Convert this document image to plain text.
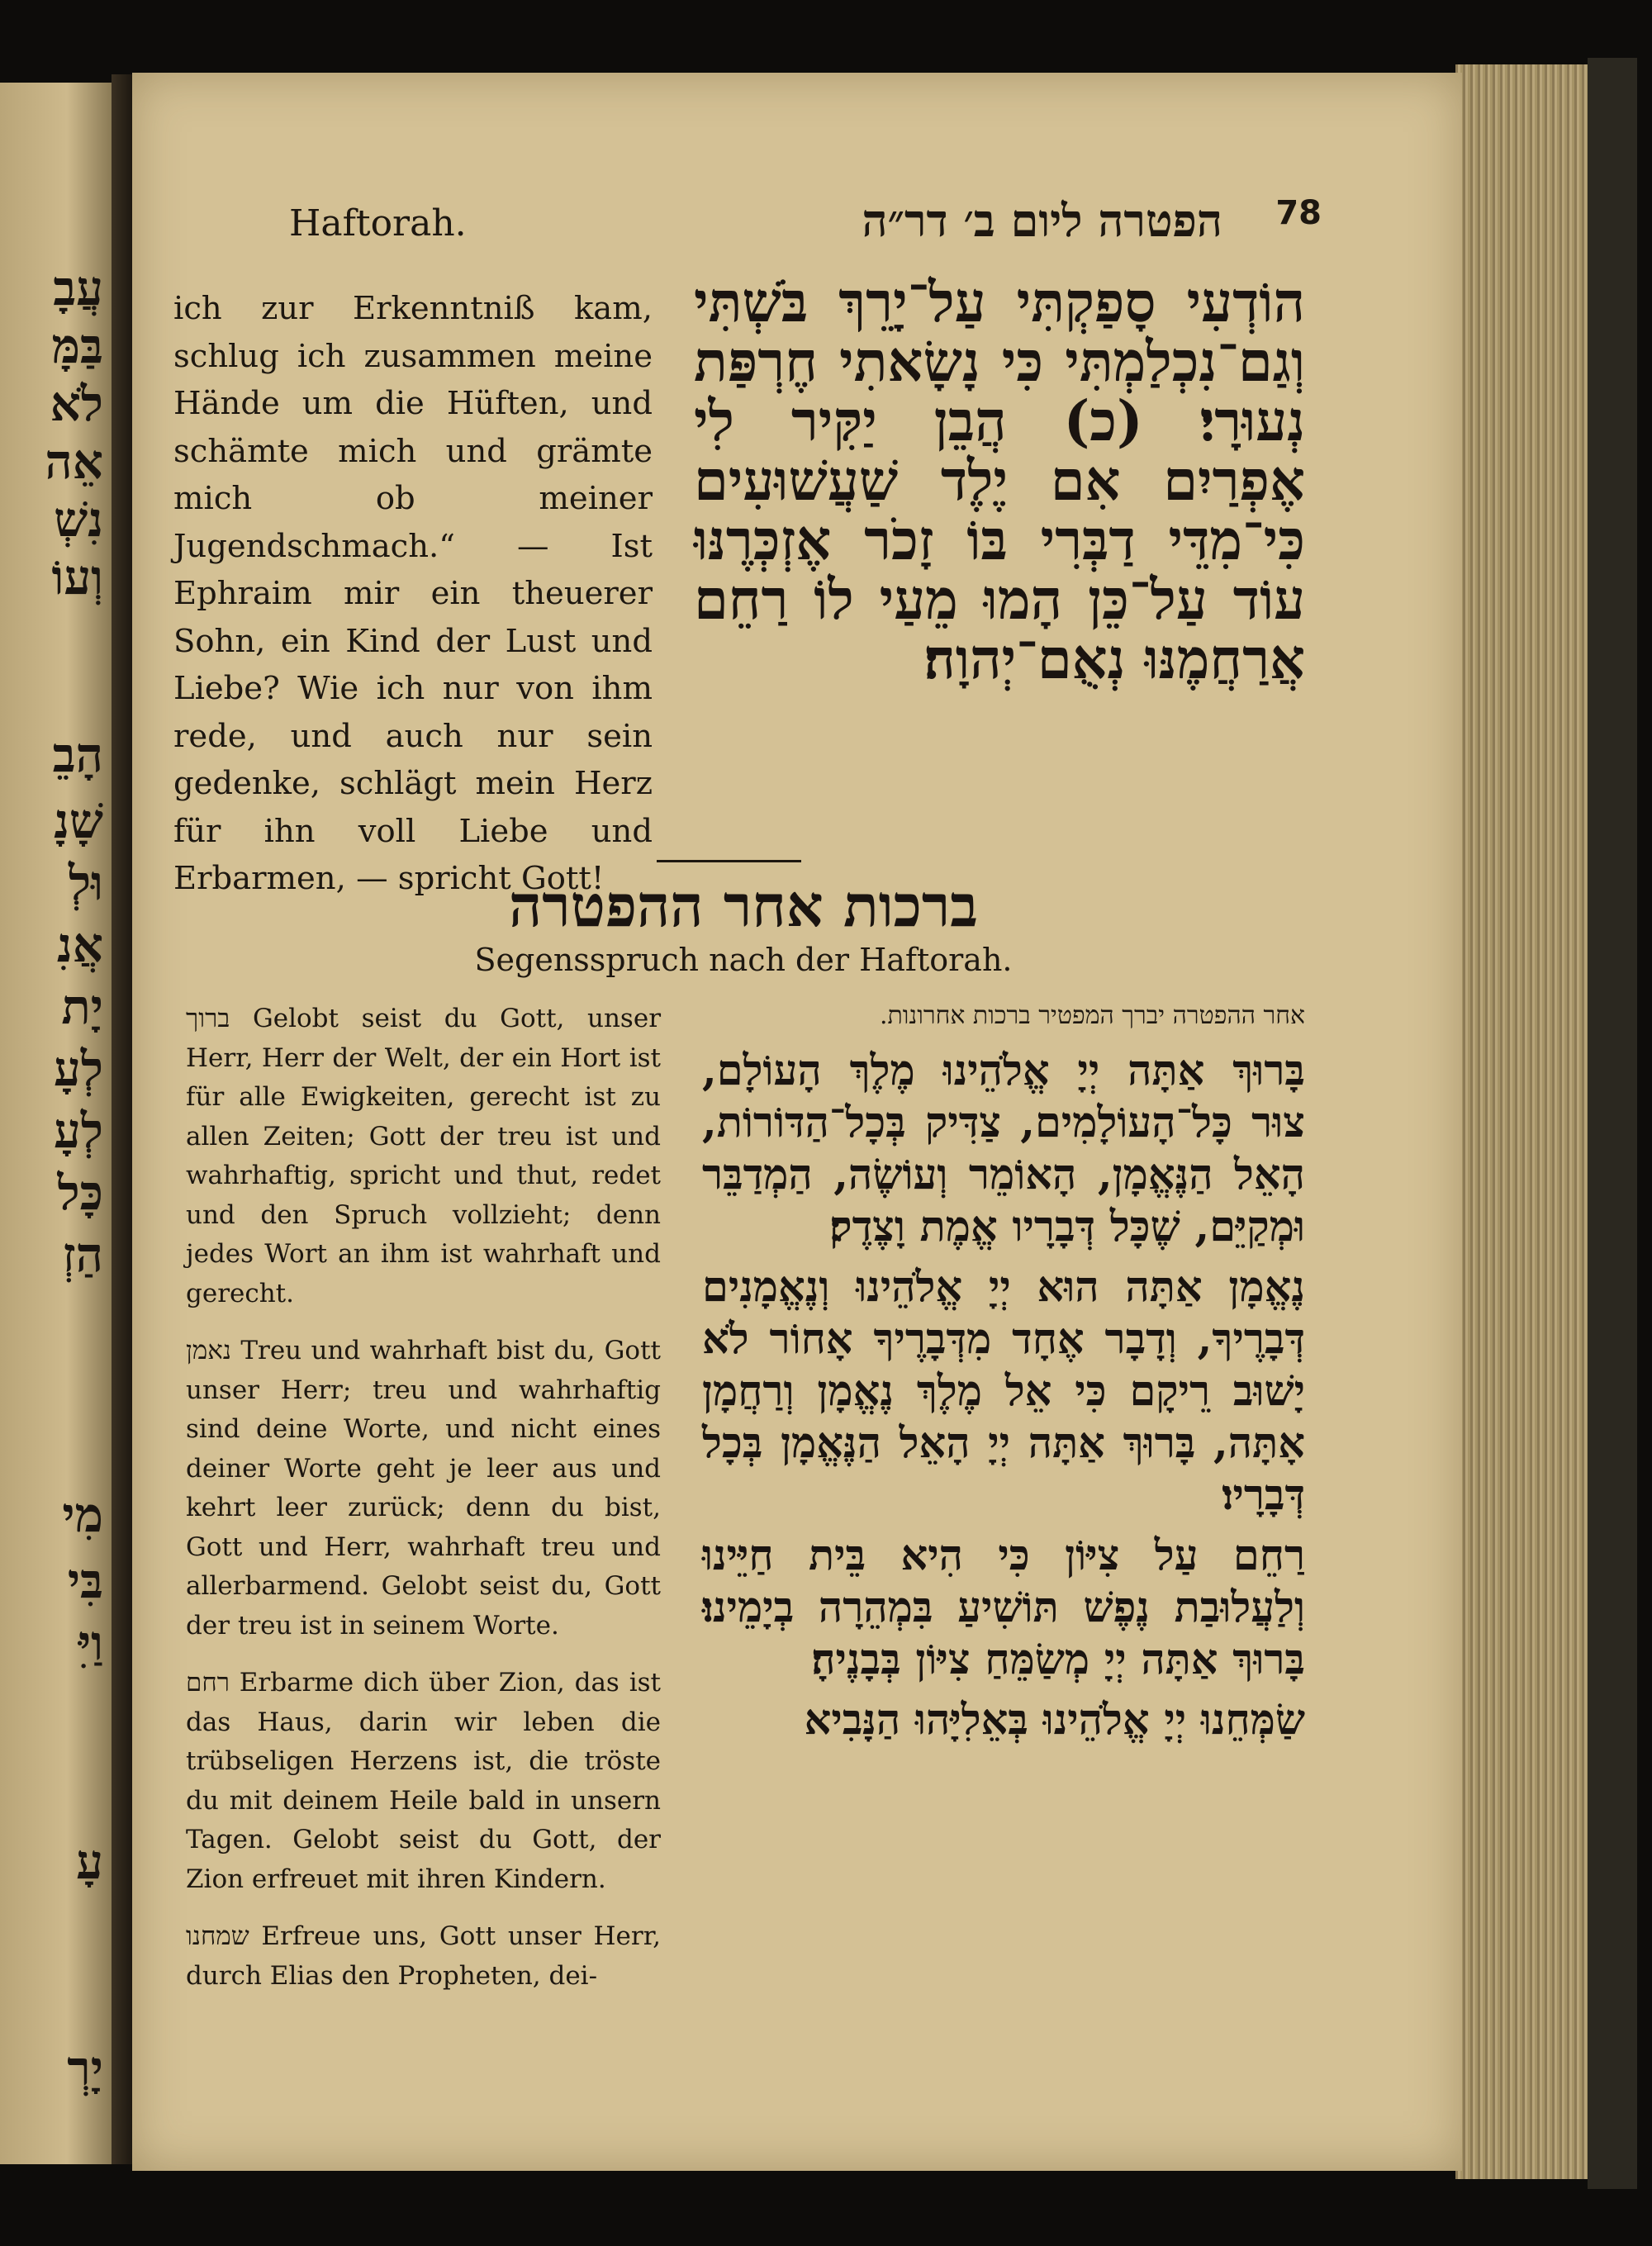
עֲבָ
בַּמָּ
לֹא
אֵה
נִשְׁ
וְעוֹ
הָבֵ
שָׁנָ
וּלְ
אֲנִ
יָת
לְעָ
לְעָ
כָּל
הַזְ
מִי
בִּי
וַיִּ
עָ
יָרְ
Haftorah.	הפטרה ליום ב׳ דר״ה 78
ich zur Erkenntniß kam, schlug ich zusammen meine Hände um die Hüften, und schämte mich und grämte mich ob meiner Jugendschmach.“ — Ist Ephraim mir ein theuerer Sohn, ein Kind der Lust und Liebe? Wie ich nur von ihm rede, und auch nur sein gedenke, schlägt mein Herz für ihn voll Liebe und Erbarmen, — spricht Gott!
הוֹדְעִי סָפַקְתִּי עַל־יָרֵךְ בֹּשְׁתִּי וְגַם־נִכְלַמְתִּי כִּי נָשָׂאתִי חֶרְפַּת נְעוּרָי׃ (כ) הֲבֵן יַקִּיר לִי אֶפְרַיִם אִם יֶלֶד שַׁעֲשׁוּעִים כִּי־מִדֵּי דַבְּרִי בּוֹ זָכֹר אֶזְכְּרֶנּוּ עוֹד עַל־כֵּן הָמוּ מֵעַי לוֹ רַחֵם אֲרַחֲמֶנּוּ נְאֻם־יְהוָה׃
ברכות אחר ההפטרה
Segensspruch nach der Haftorah.

ברוך Gelobt seist du Gott, unser Herr, Herr der Welt, der ein Hort ist für alle Ewigkeiten, gerecht ist zu allen Zeiten; Gott der treu ist und wahrhaftig, spricht und thut, redet und den Spruch vollzieht; denn jedes Wort an ihm ist wahrhaft und gerecht.

נאמן Treu und wahrhaft bist du, Gott unser Herr; treu und wahrhaftig sind deine Worte, und nicht eines deiner Worte geht je leer aus und kehrt leer zurück; denn du bist, Gott und Herr, wahrhaft treu und allerbarmend. Gelobt seist du, Gott der treu ist in seinem Worte.

רחם Erbarme dich über Zion, das ist das Haus, darin wir leben die trübseligen Herzens ist, die tröste du mit deinem Heile bald in unsern Tagen. Gelobt seist du Gott, der Zion erfreuet mit ihren Kindern.

שמחנו Erfreue uns, Gott unser Herr, durch Elias den Propheten, dei-

אחר ההפטרה יברך המפטיר ברכות אחרונות.

בָּרוּךְ אַתָּה יְיָ אֱלֹהֵינוּ מֶלֶךְ הָעוֹלָם, צוּר כָּל־הָעוֹלָמִים, צַדִּיק בְּכָל־הַדּוֹרוֹת, הָאֵל הַנֶּאֱמָן, הָאוֹמֵר וְעוֹשֶׂה, הַמְדַבֵּר וּמְקַיֵּם, שֶׁכָּל דְּבָרָיו אֱמֶת וָצֶדֶק׃

נֶאֱמָן אַתָּה הוּא יְיָ אֱלֹהֵינוּ וְנֶאֱמָנִים דְּבָרֶיךָ, וְדָבָר אֶחָד מִדְּבָרֶיךָ אָחוֹר לֹא יָשׁוּב רֵיקָם כִּי אֵל מֶלֶךְ נֶאֱמָן וְרַחֲמָן אָתָּה, בָּרוּךְ אַתָּה יְיָ הָאֵל הַנֶּאֱמָן בְּכָל דְּבָרָיו׃

רַחֵם עַל צִיּוֹן כִּי הִיא בֵּית חַיֵּינוּ וְלַעֲלוּבַת נֶפֶשׁ תּוֹשִׁיעַ בִּמְהֵרָה בְיָמֵינוּ׃ בָּרוּךְ אַתָּה יְיָ מְשַׂמֵּחַ צִיּוֹן בְּבָנֶיהָ׃

שַׂמְּחֵנוּ יְיָ אֱלֹהֵינוּ בְּאֵלִיָּהוּ הַנָּבִיא
